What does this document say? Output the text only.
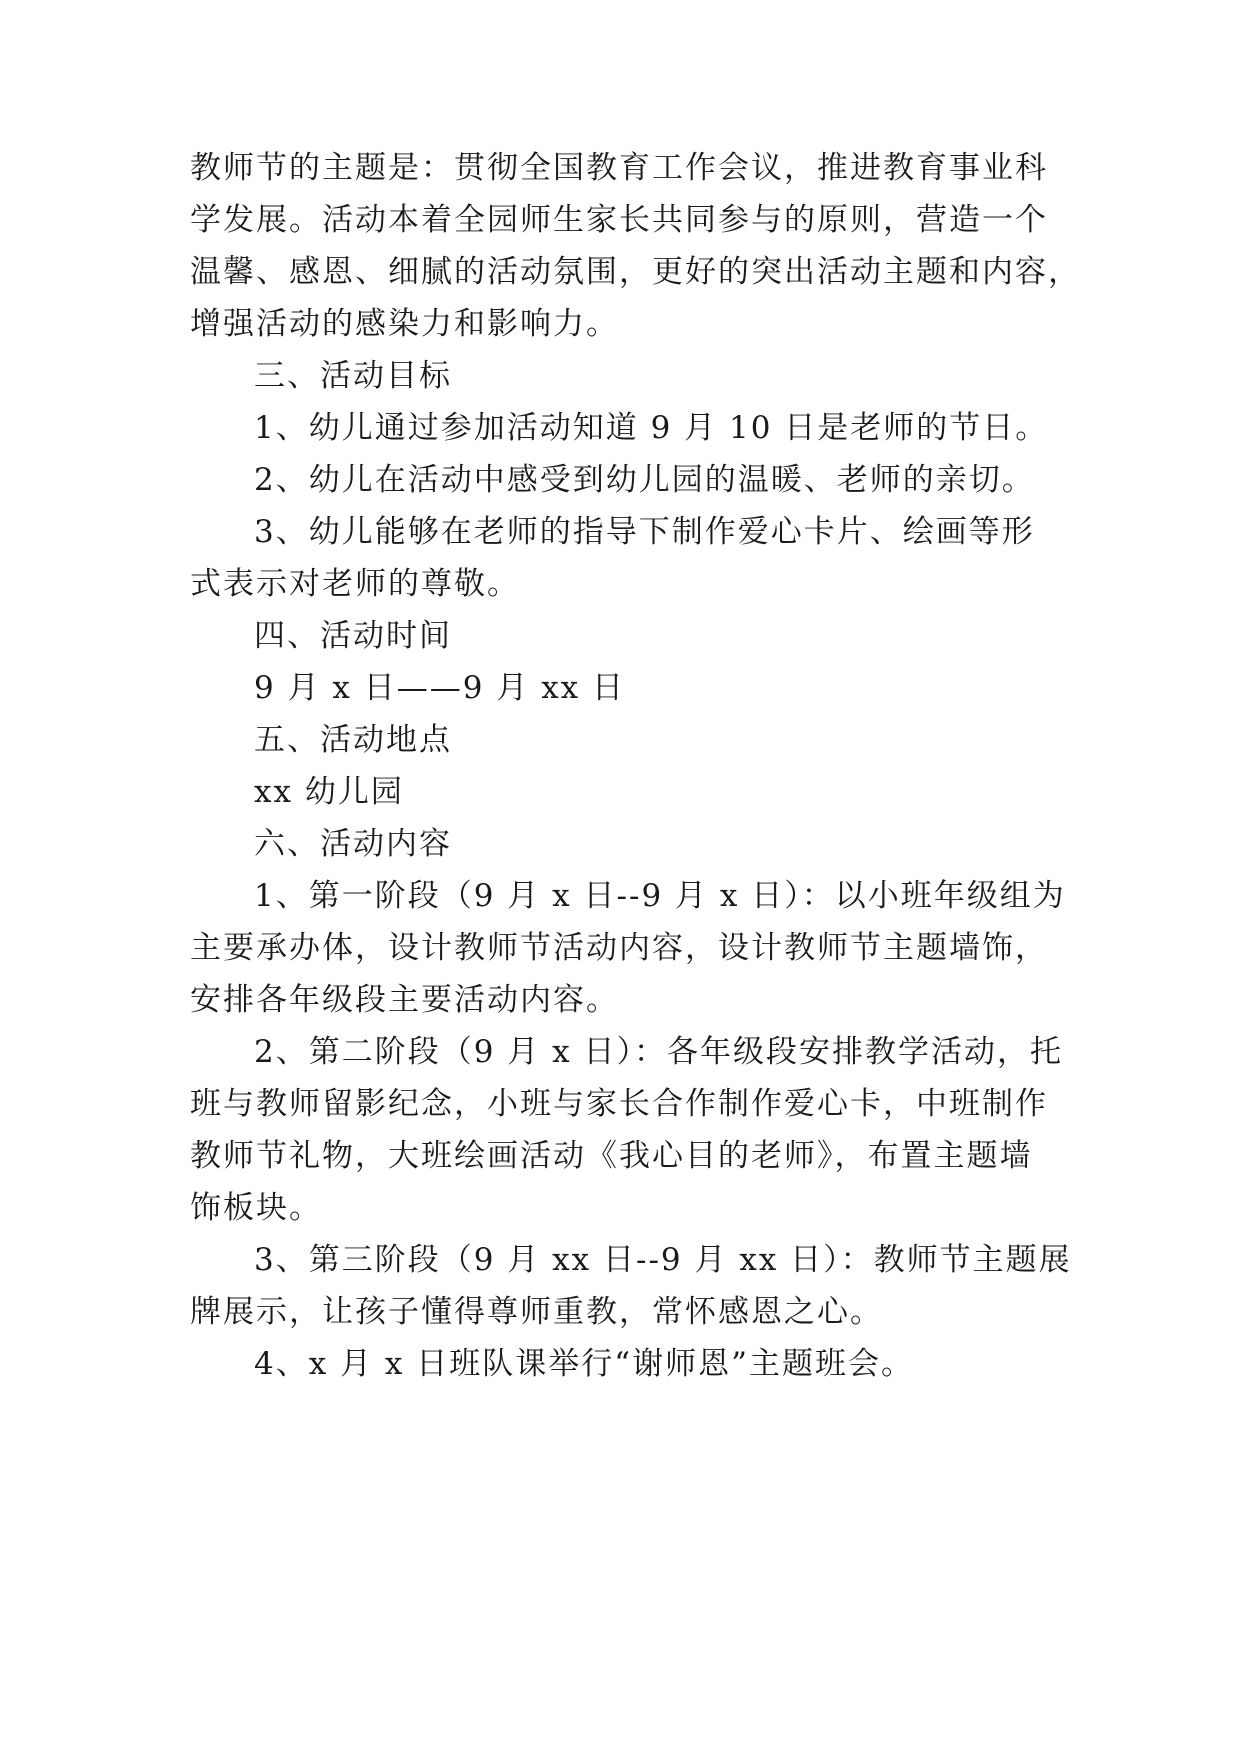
教师节的主题是：贯彻全国教育工作会议，推进教育事业科
学发展。活动本着全园师生家长共同参与的原则，营造一个
温馨、感恩、细腻的活动氛围，更好的突出活动主题和内容，
增强活动的感染力和影响力。
三、活动目标
1、幼儿通过参加活动知道 9 月 10 日是老师的节日。
2、幼儿在活动中感受到幼儿园的温暖、老师的亲切。
3、幼儿能够在老师的指导下制作爱心卡片、绘画等形
式表示对老师的尊敬。
四、活动时间
9 月 x 日——9 月 xx 日
五、活动地点
xx 幼儿园
六、活动内容
1、第一阶段（9 月 x 日--9 月 x 日）：以小班年级组为
主要承办体，设计教师节活动内容，设计教师节主题墙饰，
安排各年级段主要活动内容。
2、第二阶段（9 月 x 日）：各年级段安排教学活动，托
班与教师留影纪念，小班与家长合作制作爱心卡，中班制作
教师节礼物，大班绘画活动《我心目的老师》，布置主题墙
饰板块。
3、第三阶段（9 月 xx 日--9 月 xx 日）：教师节主题展
牌展示，让孩子懂得尊师重教，常怀感恩之心。
4、x 月 x 日班队课举行“谢师恩”主题班会。
